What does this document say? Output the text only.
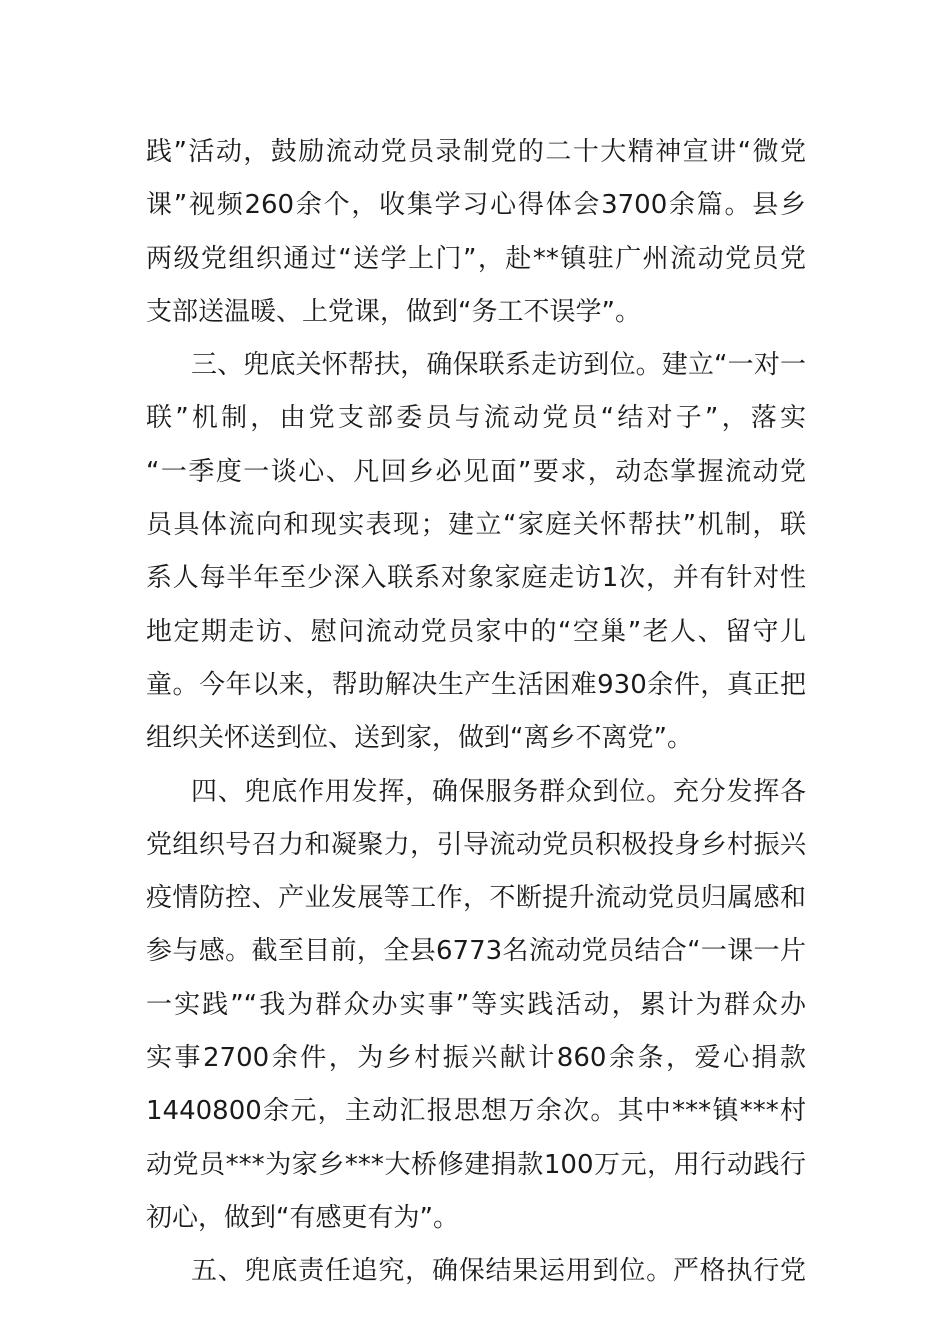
践”活动，鼓励流动党员录制党的二十大精神宣讲“微党
课”视频260余个，收集学习心得体会3700余篇。县乡
两级党组织通过“送学上门”，赴**镇驻广州流动党员党
支部送温暖、上党课，做到“务工不误学”。
三、兜底关怀帮扶，确保联系走访到位。建立“一对一
联”机制，由党支部委员与流动党员“结对子”，落实
“一季度一谈心、凡回乡必见面”要求，动态掌握流动党
员具体流向和现实表现；建立“家庭关怀帮扶”机制，联
系人每半年至少深入联系对象家庭走访1次，并有针对性
地定期走访、慰问流动党员家中的“空巢”老人、留守儿
童。今年以来，帮助解决生产生活困难930余件，真正把
组织关怀送到位、送到家，做到“离乡不离党”。
四、兜底作用发挥，确保服务群众到位。充分发挥各
党组织号召力和凝聚力，引导流动党员积极投身乡村振兴
疫情防控、产业发展等工作，不断提升流动党员归属感和
参与感。截至目前，全县6773名流动党员结合“一课一片
一实践”“我为群众办实事”等实践活动，累计为群众办
实事2700余件，为乡村振兴献计860余条，爱心捐款
1440800余元，主动汇报思想万余次。其中***镇***村
动党员***为家乡***大桥修建捐款100万元，用行动践行
初心，做到“有感更有为”。
五、兜底责任追究，确保结果运用到位。严格执行党
